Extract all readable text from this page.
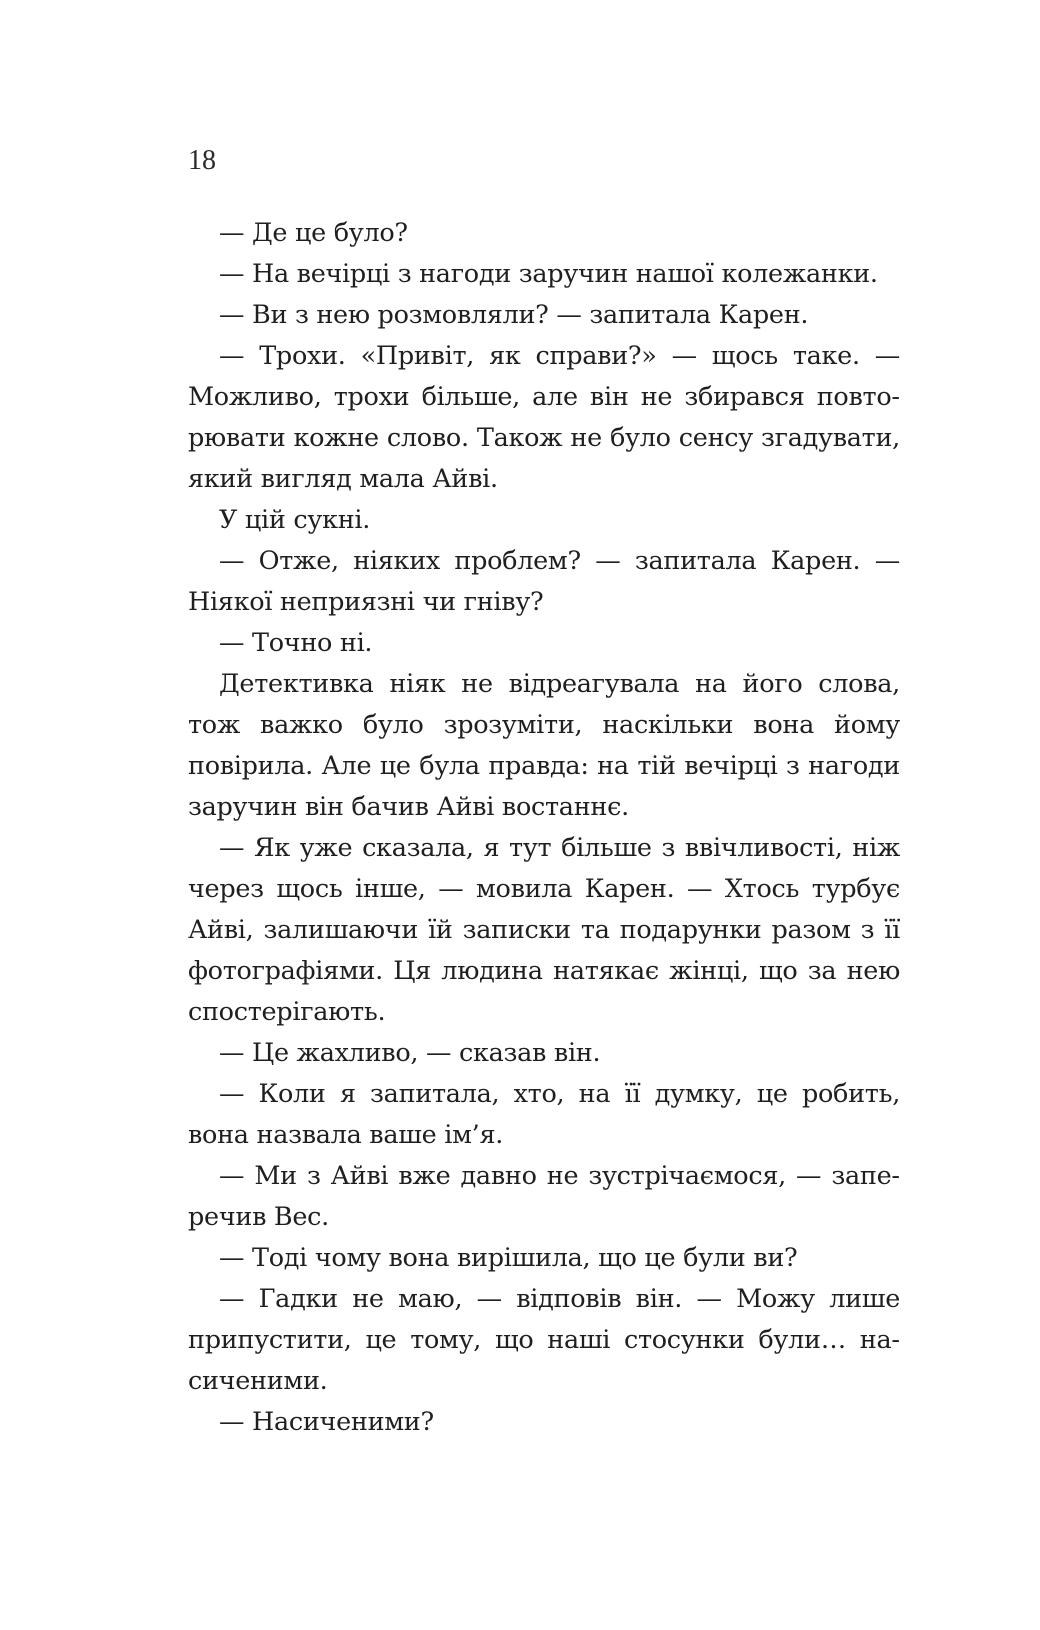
18

— Де це було?

— На вечірці з нагоди заручин нашої колежанки.

— Ви з нею розмовляли? — запитала Карен.

— Трохи. «Привіт, як справи?» — щось таке. — Можливо, трохи більше, але він не збирався повторювати кожне слово. Також не було сенсу згадувати, який вигляд мала Айві.

У цій сукні.

— Отже, ніяких проблем? — запитала Карен. — Ніякої неприязні чи гніву?

— Точно ні.

Детективка ніяк не відреагувала на його слова, тож важко було зрозуміти, наскільки вона йому повірила. Але це була правда: на тій вечірці з нагоди заручин він бачив Айві востаннє.

— Як уже сказала, я тут більше з ввічливості, ніж через щось інше, — мовила Карен. — Хтось турбує Айві, залишаючи їй записки та подарунки разом з її фотографіями. Ця людина натякає жінці, що за нею спостерігають.

— Це жахливо, — сказав він.

— Коли я запитала, хто, на її думку, це робить, вона назвала ваше ім’я.

— Ми з Айві вже давно не зустрічаємося, — заперечив Вес.

— Тоді чому вона вирішила, що це були ви?

— Гадки не маю, — відповів він. — Можу лише припустити, це тому, що наші стосунки були… насиченими.

— Насиченими?
